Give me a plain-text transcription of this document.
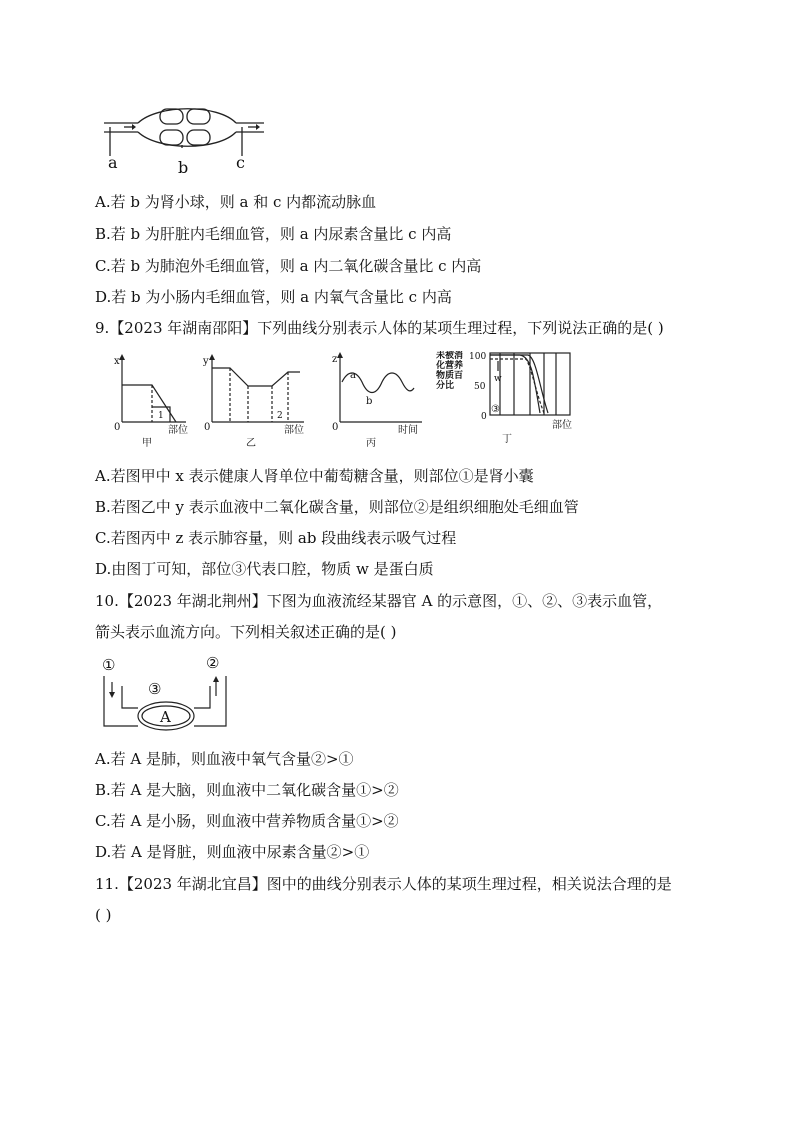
a	b	c
A.若 b 为肾小球，则 a 和 c 内都流动脉血
B.若 b 为肝脏内毛细血管，则 a 内尿素含量比 c 内高
C.若 b 为肺泡外毛细血管，则 a 内二氧化碳含量比 c 内高
D.若 b 为小肠内毛细血管，则 a 内氧气含量比 c 内高
9.【2023 年湖南邵阳】下列曲线分别表示人体的某项生理过程，下列说法正确的是( )
x
0
1
部位
甲
y
0
2
部位
乙
z
0
a
b
时间
丙
未被消化营养物质百分比
100
50
0
w
③
部位
丁
A.若图甲中 x 表示健康人肾单位中葡萄糖含量，则部位①是肾小囊
B.若图乙中 y 表示血液中二氧化碳含量，则部位②是组织细胞处毛细血管
C.若图丙中 z 表示肺容量，则 ab 段曲线表示吸气过程
D.由图丁可知，部位③代表口腔，物质 w 是蛋白质
10.【2023 年湖北荆州】下图为血液流经某器官 A 的示意图，①、②、③表示血管，
箭头表示血流方向。下列相关叙述正确的是( )
①	②
③
A
A.若 A 是肺，则血液中氧气含量②>①
B.若 A 是大脑，则血液中二氧化碳含量①>②
C.若 A 是小肠，则血液中营养物质含量①>②
D.若 A 是肾脏，则血液中尿素含量②>①
11.【2023 年湖北宜昌】图中的曲线分别表示人体的某项生理过程，相关说法合理的是
( )
